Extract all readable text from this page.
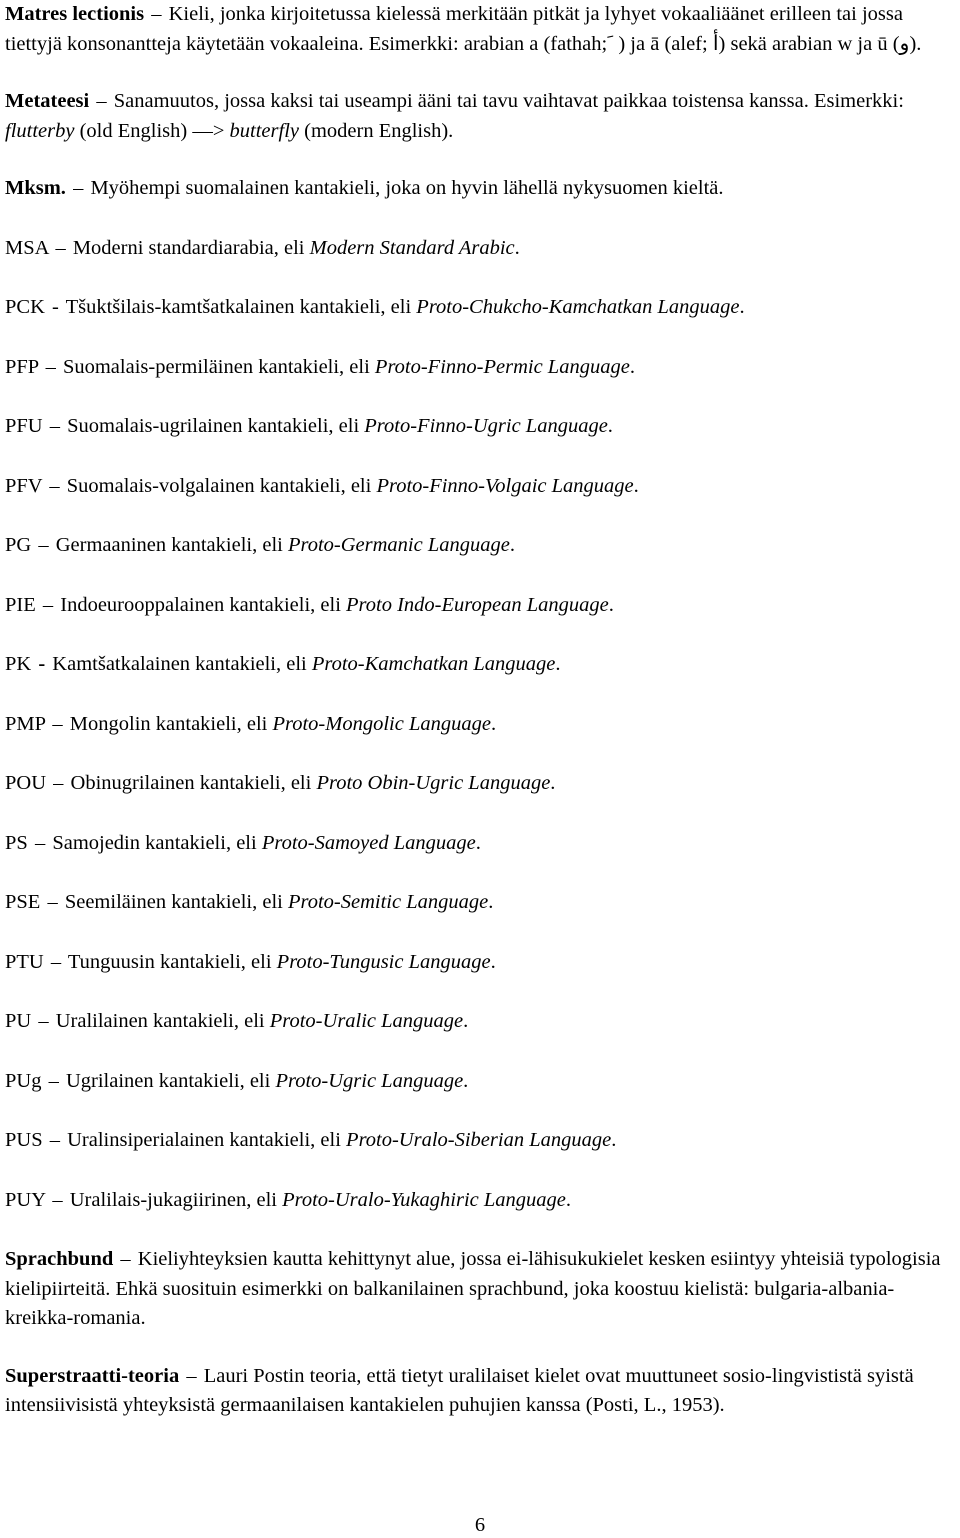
Matres lectionis – Kieli, jonka kirjoitetussa kielessä merkitään pitkät ja lyhyet vokaaliäänet erilleen tai jossa tiettyjä konsonantteja käytetään vokaaleina. Esimerkki: arabian a (fathah; َ ) ja ā (alef; أ) sekä arabian w ja ū (و).

Metateesi – Sanamuutos, jossa kaksi tai useampi ääni tai tavu vaihtavat paikkaa toistensa kanssa. Esimerkki: flutterby (old English) —> butterfly (modern English).

Mksm. – Myöhempi suomalainen kantakieli, joka on hyvin lähellä nykysuomen kieltä.

MSA – Moderni standardiarabia, eli Modern Standard Arabic.

PCK - Tšuktšilais-kamtšatkalainen kantakieli, eli Proto-Chukcho-Kamchatkan Language.

PFP – Suomalais-permiläinen kantakieli, eli Proto-Finno-Permic Language.

PFU – Suomalais-ugrilainen kantakieli, eli Proto-Finno-Ugric Language.

PFV – Suomalais-volgalainen kantakieli, eli Proto-Finno-Volgaic Language.

PG – Germaaninen kantakieli, eli Proto-Germanic Language.

PIE – Indoeurooppalainen kantakieli, eli Proto Indo-European Language.

PK - Kamtšatkalainen kantakieli, eli Proto-Kamchatkan Language.

PMP – Mongolin kantakieli, eli Proto-Mongolic Language.

POU – Obinugrilainen kantakieli, eli Proto Obin-Ugric Language.

PS – Samojedin kantakieli, eli Proto-Samoyed Language.

PSE – Seemiläinen kantakieli, eli Proto-Semitic Language.

PTU – Tunguusin kantakieli, eli Proto-Tungusic Language.

PU – Uralilainen kantakieli, eli Proto-Uralic Language.

PUg – Ugrilainen kantakieli, eli Proto-Ugric Language.

PUS – Uralinsiperialainen kantakieli, eli Proto-Uralo-Siberian Language.

PUY – Uralilais-jukagiirinen, eli Proto-Uralo-Yukaghiric Language.

Sprachbund – Kieliyhteyksien kautta kehittynyt alue, jossa ei-lähisukukielet kesken esiintyy yhteisiä typologisia kielipiirteitä. Ehkä suosituin esimerkki on balkanilainen sprachbund, joka koostuu kielistä: bulgaria-albania-kreikka-romania.

Superstraatti-teoria – Lauri Postin teoria, että tietyt uralilaiset kielet ovat muuttuneet sosio-lingvististä syistä intensiivisistä yhteyksistä germaanilaisen kantakielen puhujien kanssa (Posti, L., 1953).

6
